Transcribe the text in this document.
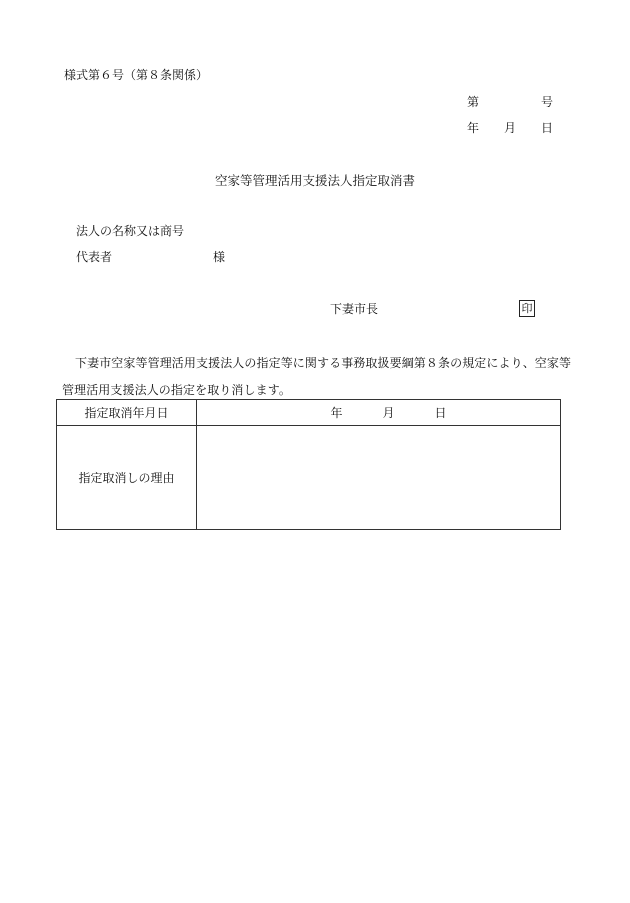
様式第６号（第８条関係）
第	号
年 月 日
空家等管理活用支援法人指定取消書
法人の名称又は商号
代表者	様
下妻市長	印
下妻市空家等管理活用支援法人の指定等に関する事務取扱要綱第８条の規定により、空家等管理活用支援法人の指定を取り消します。
指定取消年月日	年 月 日

指定取消しの理由	
